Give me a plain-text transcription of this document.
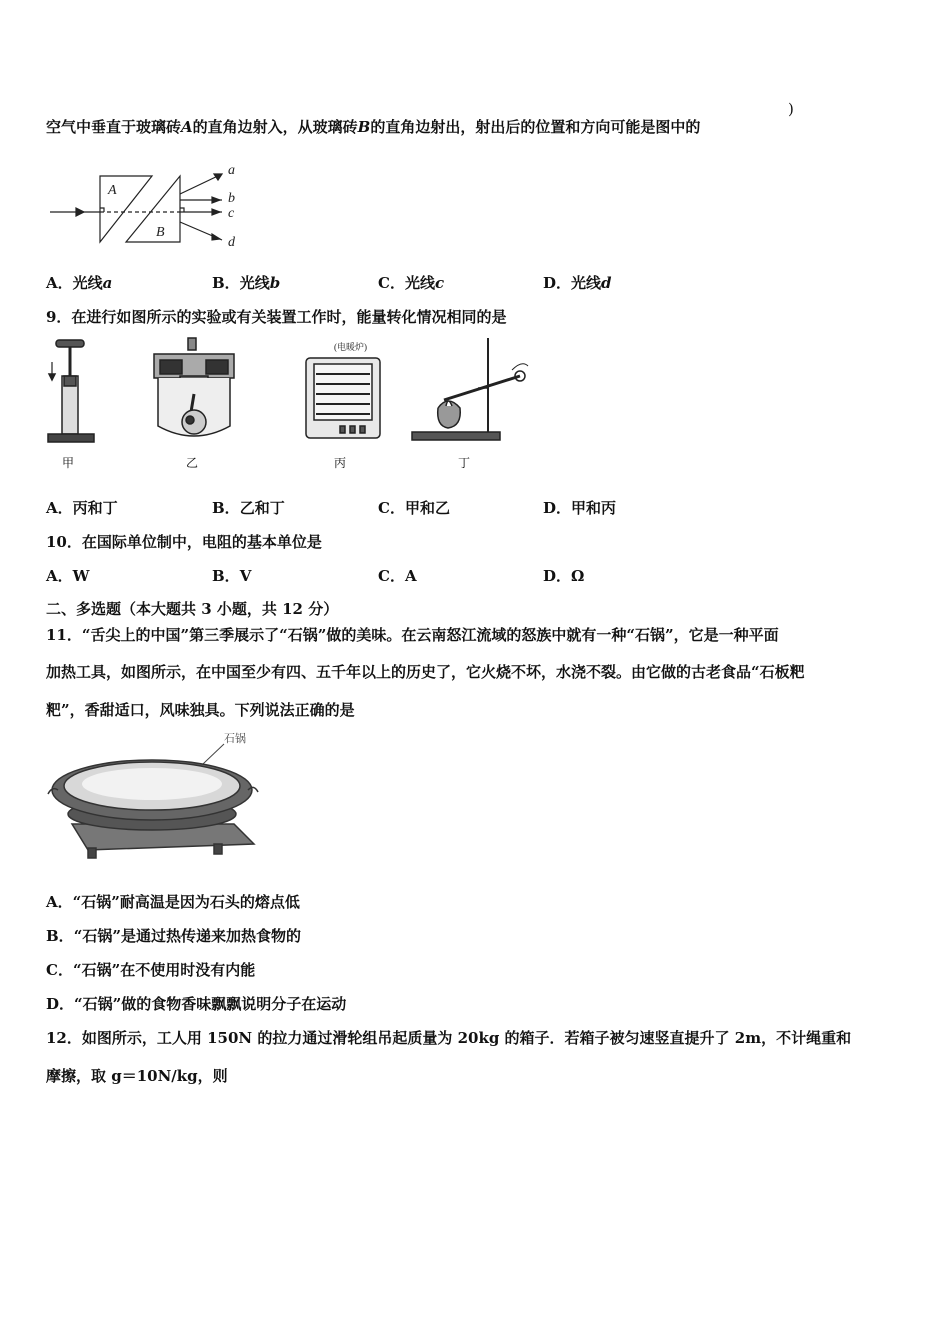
空气中垂直于玻璃砖A的直角边射入，从玻璃砖B的直角边射出，射出后的位置和方向可能是图中的
)
A
B
a
b
c
d
A．光线a	B．光线b	C．光线c	D．光线d
9．在进行如图所示的实验或有关装置工作时，能量转化情况相同的是
甲	乙
(电暖炉)
丙	丁
A．丙和丁	B．乙和丁	C．甲和乙	D．甲和丙
10．在国际单位制中，电阻的基本单位是
A．W	B．V	C．A	D．Ω
二、多选题（本大题共 3 小题，共 12 分）
11．“舌尖上的中国”第三季展示了“石锅”做的美味。在云南怒江流域的怒族中就有一种“石锅”，它是一种平面
加热工具，如图所示，在中国至少有四、五千年以上的历史了，它火烧不坏，水浇不裂。由它做的古老食品“石板粑
粑”，香甜适口，风味独具。下列说法正确的是
石锅
A．“石锅”耐高温是因为石头的熔点低
B．“石锅”是通过热传递来加热食物的
C．“石锅”在不使用时没有内能
D．“石锅”做的食物香味飘飘说明分子在运动
12．如图所示，工人用 150N 的拉力通过滑轮组吊起质量为 20kg 的箱子．若箱子被匀速竖直提升了 2m，不计绳重和
摩擦，取 g＝10N/kg，则
